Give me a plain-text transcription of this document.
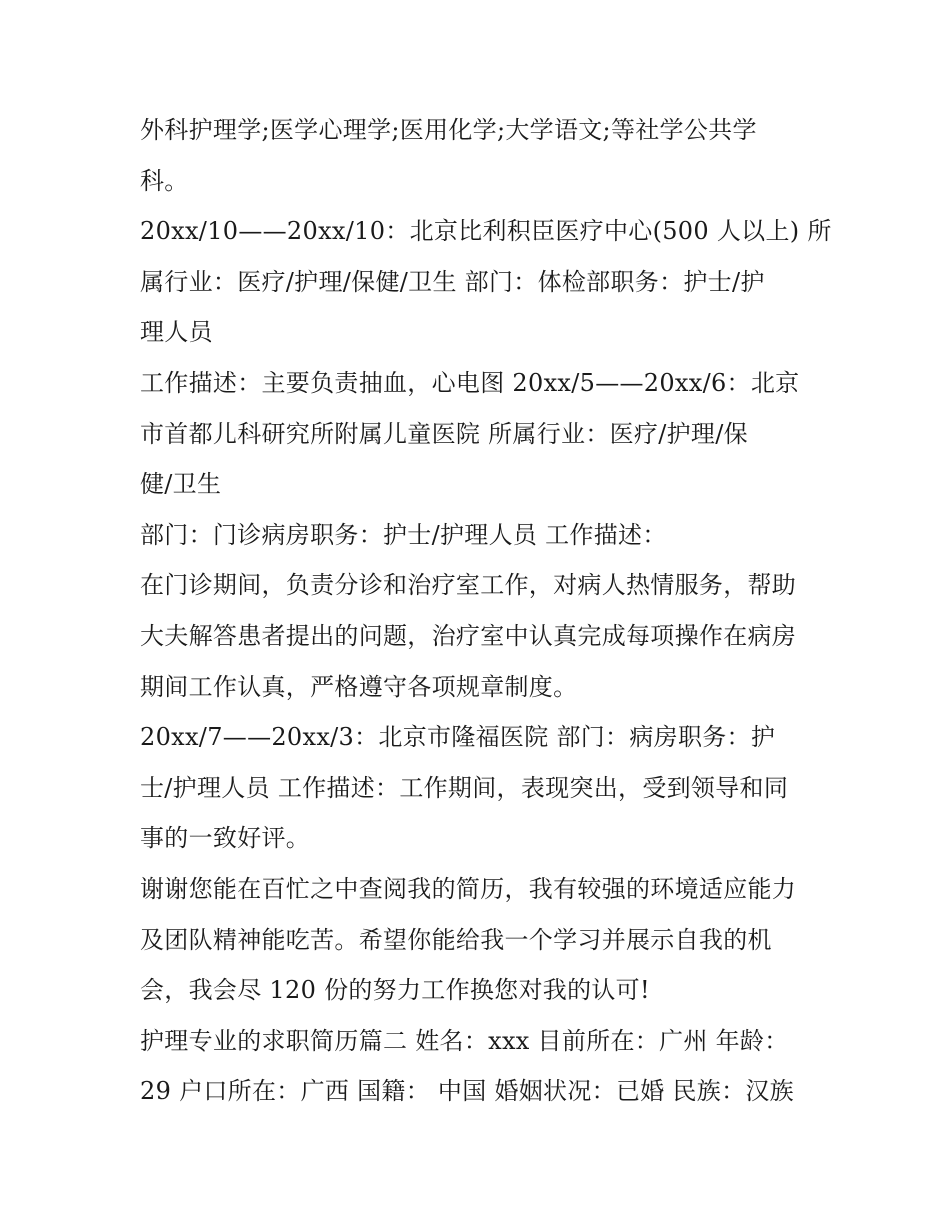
外科护理学;医学心理学;医用化学;大学语文;等社学公共学
科。
20xx/10——20xx/10：北京比利积臣医疗中心(500 人以上) 所
属行业：医疗/护理/保健/卫生 部门：体检部职务：护士/护
理人员
工作描述：主要负责抽血，心电图 20xx/5——20xx/6：北京
市首都儿科研究所附属儿童医院 所属行业：医疗/护理/保
健/卫生
部门：门诊病房职务：护士/护理人员 工作描述：
在门诊期间，负责分诊和治疗室工作，对病人热情服务，帮助
大夫解答患者提出的问题，治疗室中认真完成每项操作在病房
期间工作认真，严格遵守各项规章制度。
20xx/7——20xx/3：北京市隆福医院 部门：病房职务：护
士/护理人员 工作描述：工作期间，表现突出，受到领导和同
事的一致好评。
谢谢您能在百忙之中查阅我的简历，我有较强的环境适应能力
及团队精神能吃苦。希望你能给我一个学习并展示自我的机
会，我会尽 120 份的努力工作换您对我的认可!
护理专业的求职简历篇二 姓名：xxx 目前所在：广州 年龄：
29 户口所在：广西 国籍： 中国 婚姻状况：已婚 民族：汉族
